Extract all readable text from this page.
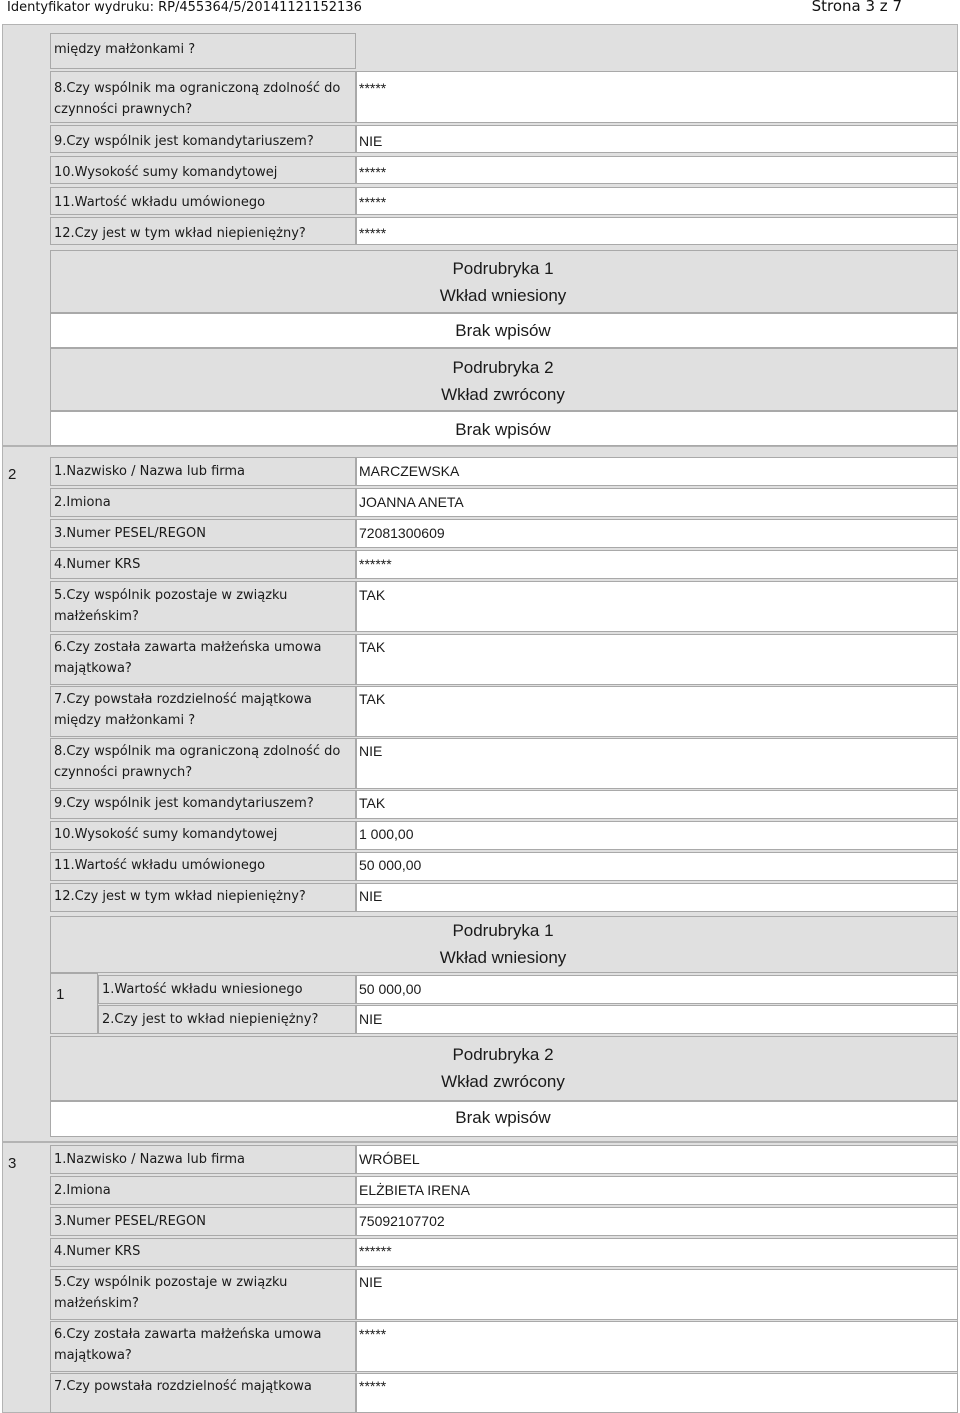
Identyfikator wydruku: RP/455364/5/20141121152136	Strona 3 z 7
między małżonkami ?
8.Czy wspólnik ma ograniczoną zdolność do
czynności prawnych?
*****
9.Czy wspólnik jest komandytariuszem?	NIE
10.Wysokość sumy komandytowej	*****
11.Wartość wkładu umówionego	*****
12.Czy jest w tym wkład niepieniężny?	*****
Podrubryka 1
Wkład wniesiony
Brak wpisów
Podrubryka 2
Wkład zwrócony
Brak wpisów
2	1.Nazwisko / Nazwa lub firma	MARCZEWSKA
2.Imiona	JOANNA ANETA
3.Numer PESEL/REGON	72081300609
4.Numer KRS	******
5.Czy wspólnik pozostaje w związku
małżeńskim?
TAK
6.Czy została zawarta małżeńska umowa
majątkowa?
TAK
7.Czy powstała rozdzielność majątkowa
między małżonkami ?
TAK
8.Czy wspólnik ma ograniczoną zdolność do
czynności prawnych?
NIE
9.Czy wspólnik jest komandytariuszem?	TAK
10.Wysokość sumy komandytowej	1 000,00
11.Wartość wkładu umówionego	50 000,00
12.Czy jest w tym wkład niepieniężny?	NIE
Podrubryka 1
Wkład wniesiony
1	1.Wartość wkładu wniesionego	50 000,00
2.Czy jest to wkład niepieniężny?	NIE
Podrubryka 2
Wkład zwrócony
Brak wpisów
3	1.Nazwisko / Nazwa lub firma	WRÓBEL
2.Imiona	ELŻBIETA IRENA
3.Numer PESEL/REGON	75092107702
4.Numer KRS	******
5.Czy wspólnik pozostaje w związku
małżeńskim?
NIE
6.Czy została zawarta małżeńska umowa
majątkowa?
*****
7.Czy powstała rozdzielność majątkowa	*****
